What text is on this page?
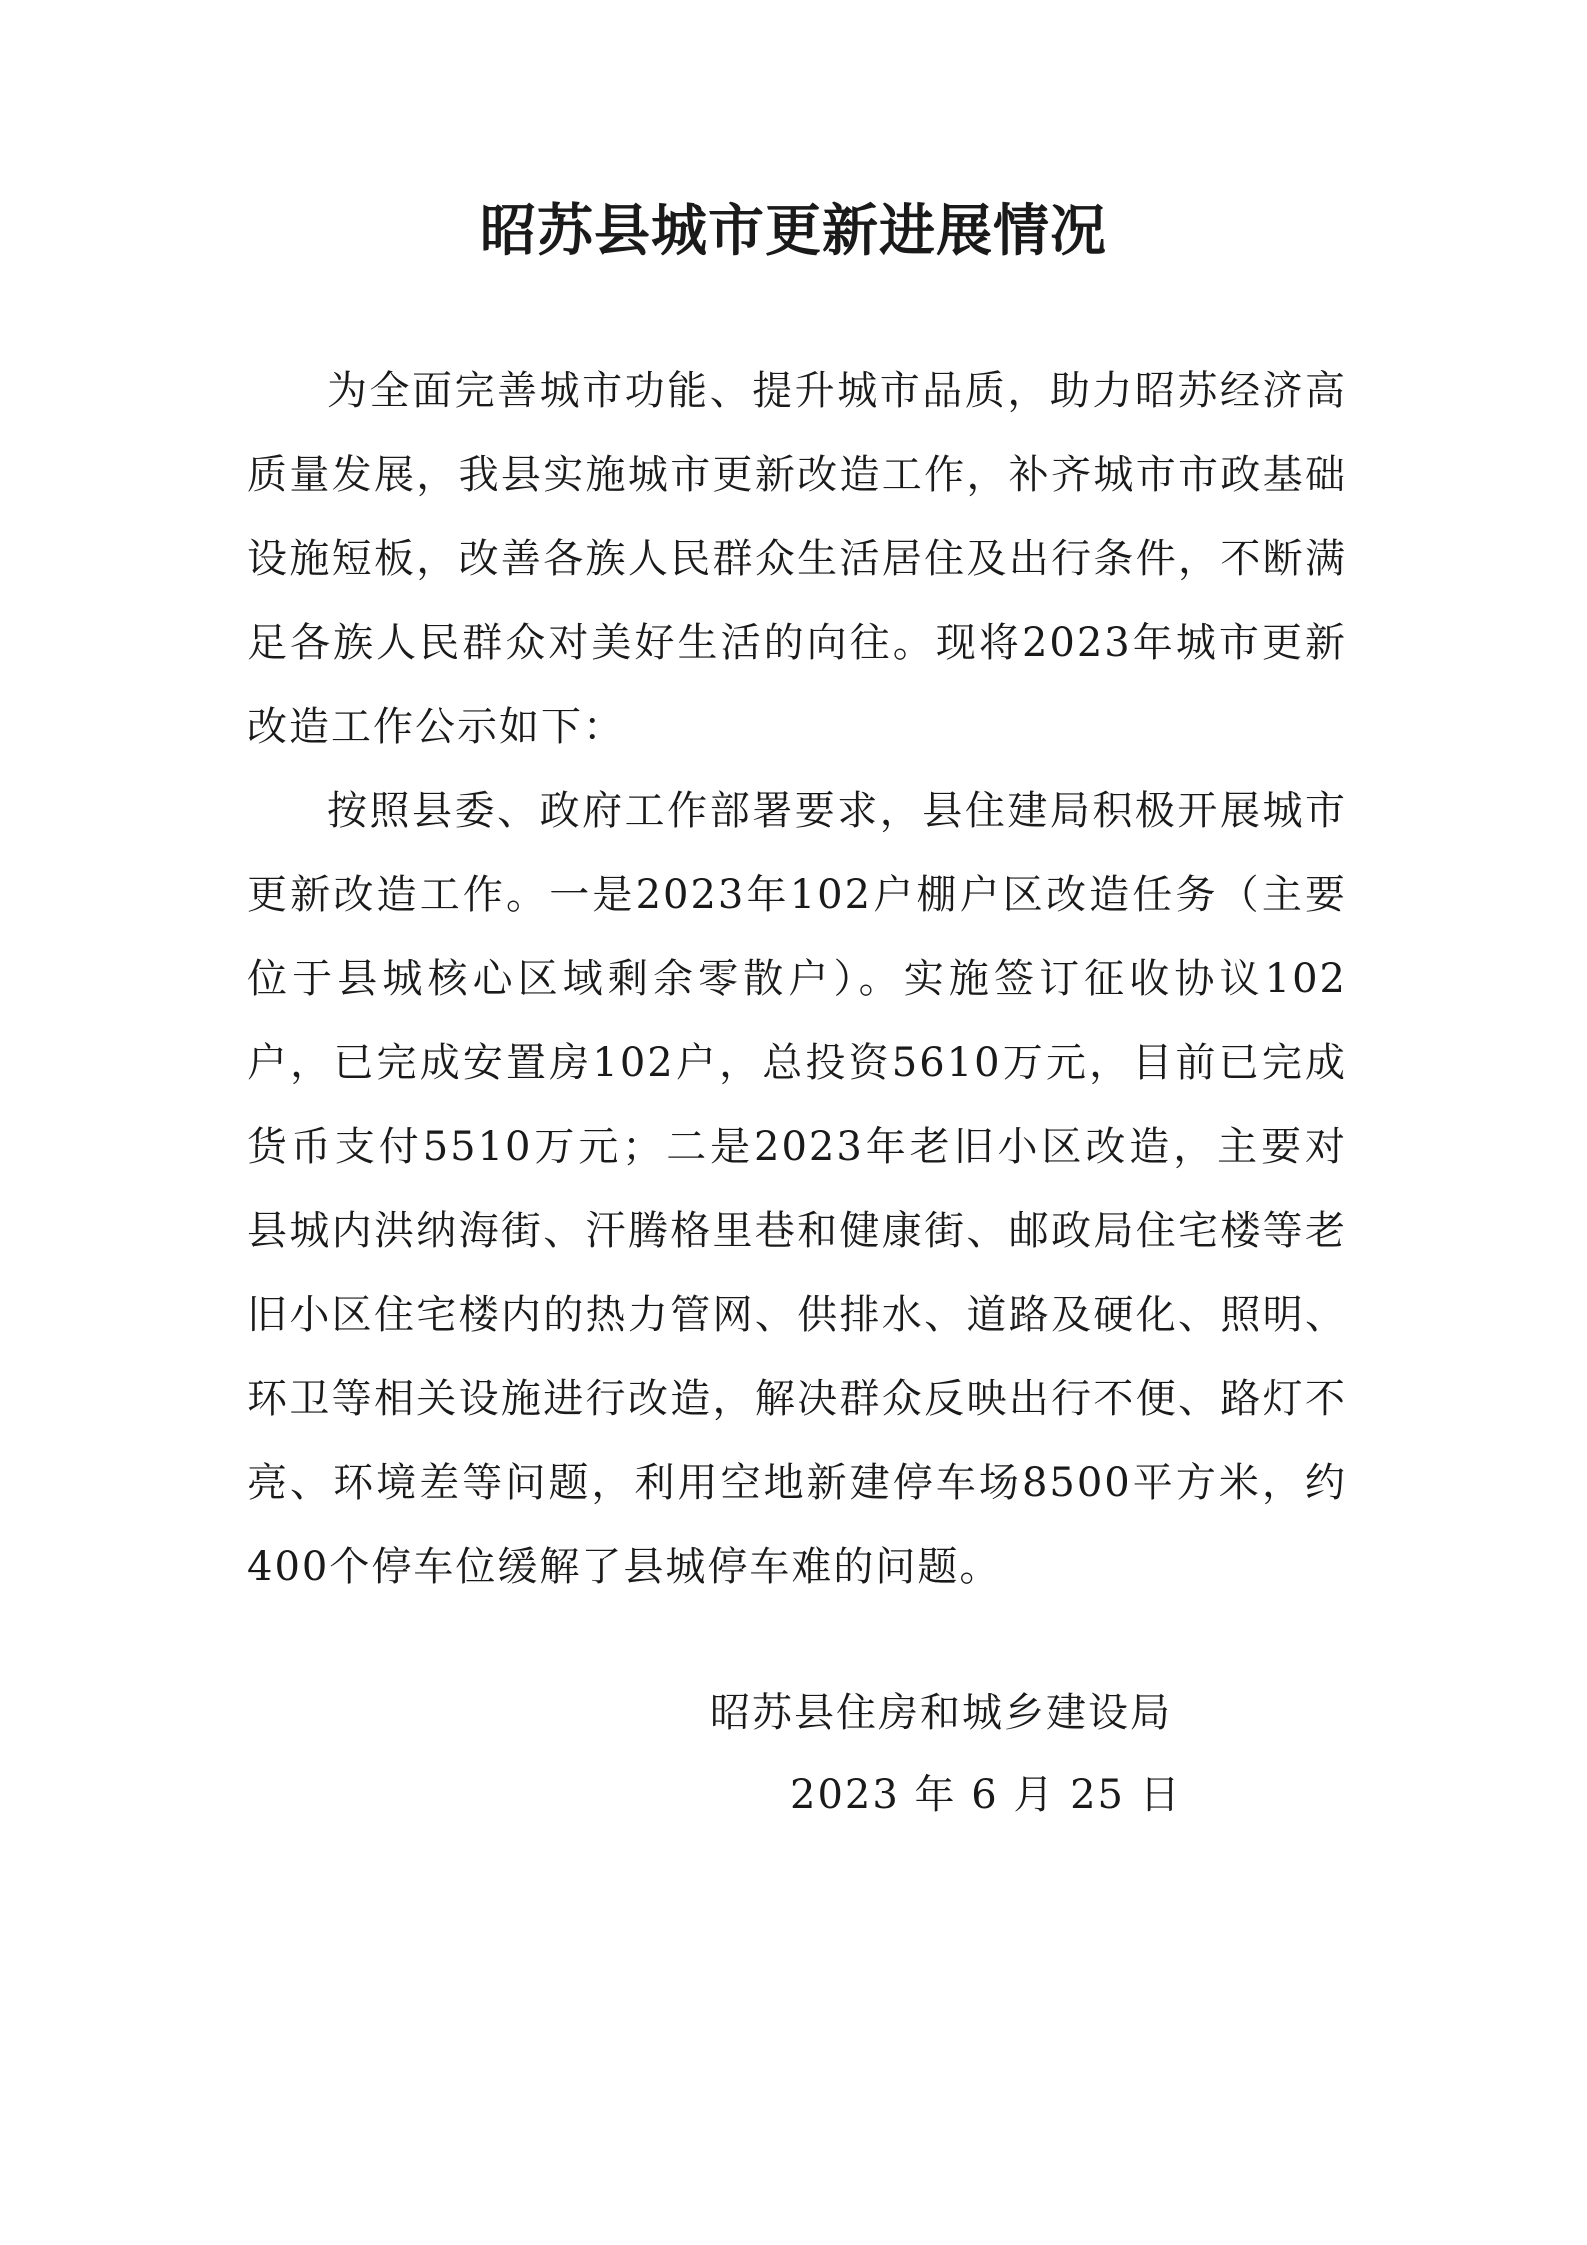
昭苏县城市更新进展情况

为全面完善城市功能、提升城市品质，助力昭苏经济高质量发展，我县实施城市更新改造工作，补齐城市市政基础设施短板，改善各族人民群众生活居住及出行条件，不断满足各族人民群众对美好生活的向往。现将2023年城市更新改造工作公示如下：

按照县委、政府工作部署要求，县住建局积极开展城市更新改造工作。一是2023年102户棚户区改造任务（主要位于县城核心区域剩余零散户）。实施签订征收协议102户，已完成安置房102户，总投资5610万元，目前已完成货币支付5510万元；二是2023年老旧小区改造，主要对县城内洪纳海街、汗腾格里巷和健康街、邮政局住宅楼等老旧小区住宅楼内的热力管网、供排水、道路及硬化、照明、环卫等相关设施进行改造，解决群众反映出行不便、路灯不亮、环境差等问题，利用空地新建停车场8500平方米，约400个停车位缓解了县城停车难的问题。

昭苏县住房和城乡建设局
2023 年 6 月 25 日
